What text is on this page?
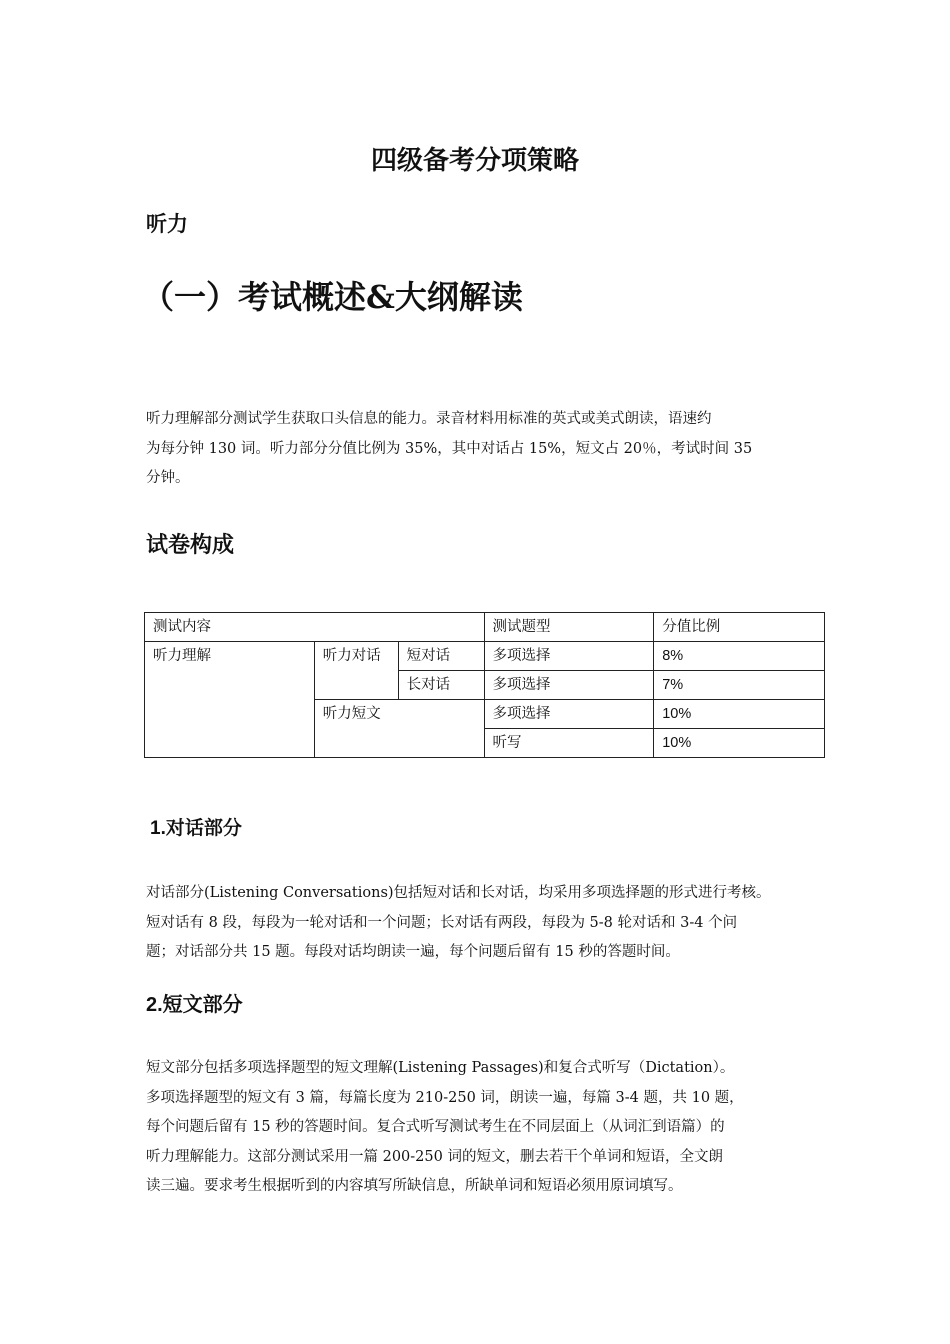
四级备考分项策略
听力
（一）考试概述&大纲解读
听力理解部分测试学生获取口头信息的能力。录音材料用标准的英式或美式朗读，语速约
为每分钟 130 词。听力部分分值比例为 35%，其中对话占 15%，短文占 20％，考试时间 35
分钟。
试卷构成
测试内容			测试题型	分值比例
听力理解	听力对话	短对话	多项选择	8%
		长对话	多项选择	7%
	听力短文		多项选择	10%
			听写	10%
1.对话部分
对话部分(Listening Conversations)包括短对话和长对话，均采用多项选择题的形式进行考核。
短对话有 8 段，每段为一轮对话和一个问题；长对话有两段，每段为 5-8 轮对话和 3-4 个问
题；对话部分共 15 题。每段对话均朗读一遍，每个问题后留有 15 秒的答题时间。
2.短文部分
短文部分包括多项选择题型的短文理解(Listening Passages)和复合式听写（Dictation）。
多项选择题型的短文有 3 篇，每篇长度为 210-250 词，朗读一遍，每篇 3-4 题，共 10 题，
每个问题后留有 15 秒的答题时间。复合式听写测试考生在不同层面上（从词汇到语篇）的
听力理解能力。这部分测试采用一篇 200-250 词的短文，删去若干个单词和短语，全文朗
读三遍。要求考生根据听到的内容填写所缺信息，所缺单词和短语必须用原词填写。
